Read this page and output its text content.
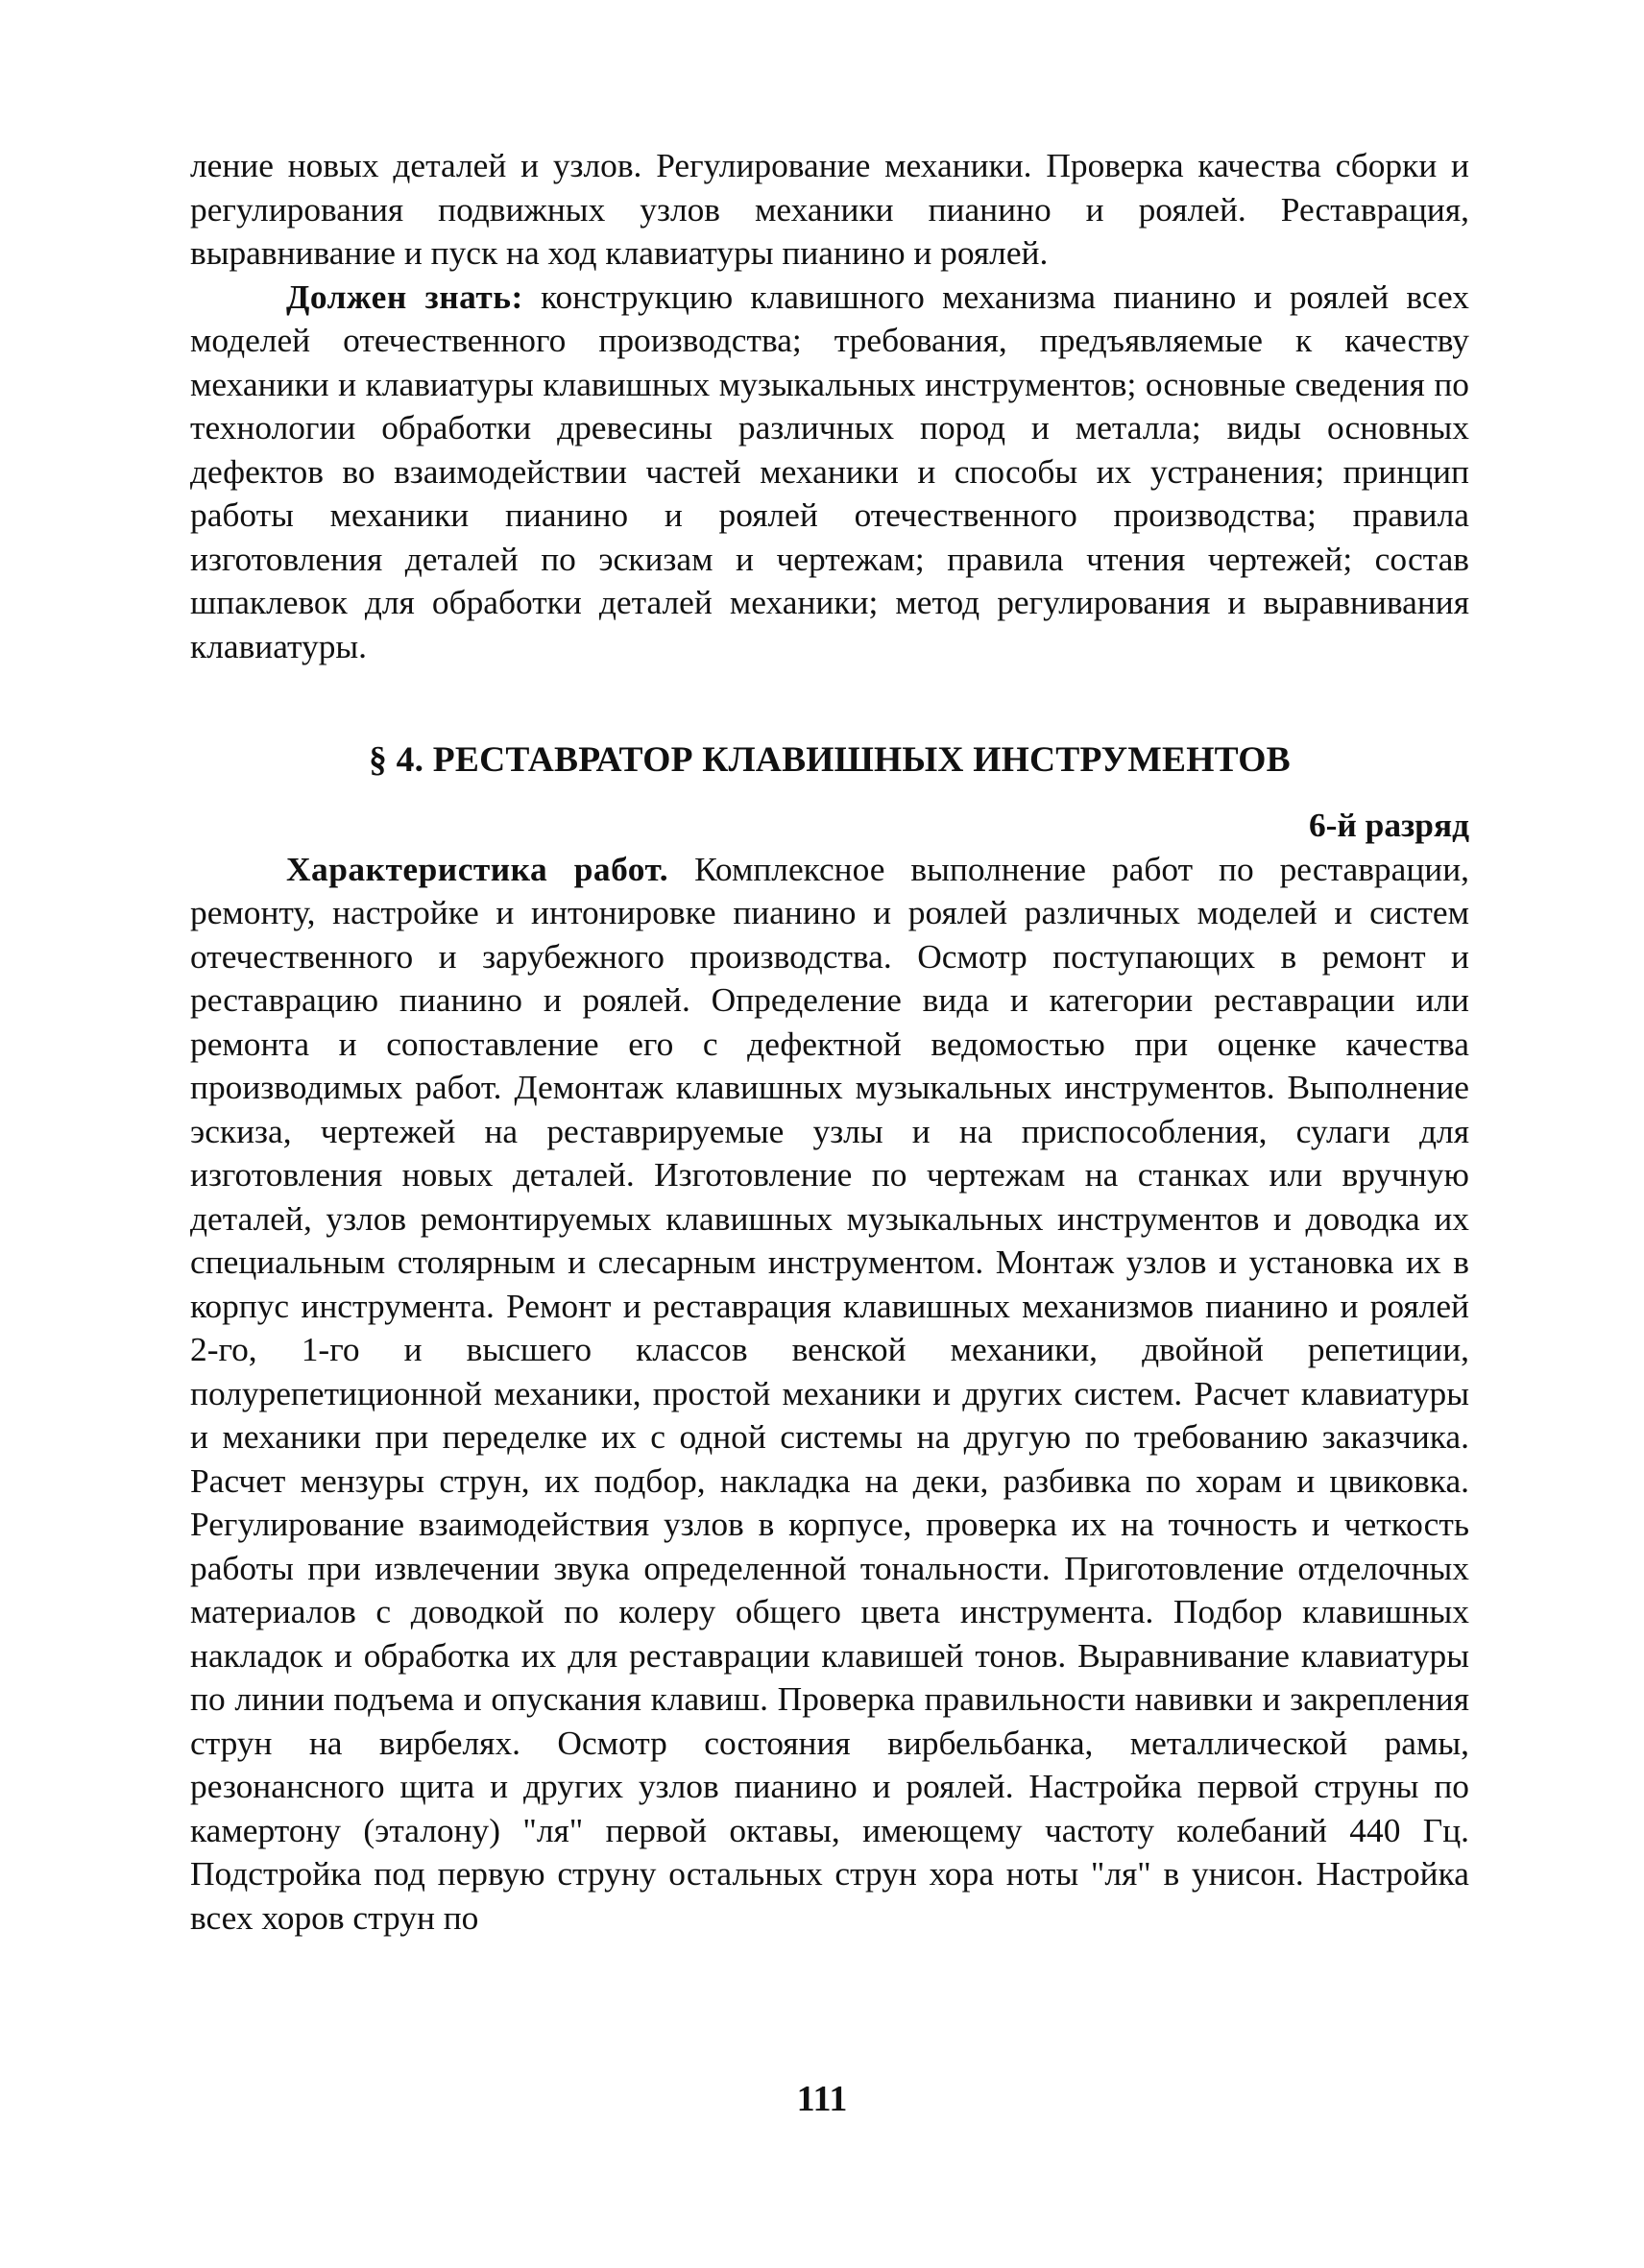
ление новых деталей и узлов. Регулирование механики. Проверка качества сборки и регулирования подвижных узлов механики пианино и роялей. Реставрация, выравнивание и пуск на ход клавиатуры пианино и роялей.

Должен знать: конструкцию клавишного механизма пианино и роялей всех моделей отечественного производства; требования, предъявляемые к качеству механики и клавиатуры клавишных музыкальных инструментов; основные сведения по технологии обработки древесины различных пород и металла; виды основных дефектов во взаимодействии частей механики и способы их устранения; принцип работы механики пианино и роялей отечественного производства; правила изготовления деталей по эскизам и чертежам; правила чтения чертежей; состав шпаклевок для обработки деталей механики; метод регулирования и выравнивания клавиатуры.

§ 4. РЕСТАВРАТОР КЛАВИШНЫХ ИНСТРУМЕНТОВ
6-й разряд

Характеристика работ. Комплексное выполнение работ по реставрации, ремонту, настройке и интонировке пианино и роялей различных моделей и систем отечественного и зарубежного производства. Осмотр поступающих в ремонт и реставрацию пианино и роялей. Определение вида и категории реставрации или ремонта и сопоставление его с дефектной ведомостью при оценке качества производимых работ. Демонтаж клавишных музыкальных инструментов. Выполнение эскиза, чертежей на реставрируемые узлы и на приспособления, сулаги для изготовления новых деталей. Изготовление по чертежам на станках или вручную деталей, узлов ремонтируемых клавишных музыкальных инструментов и доводка их специальным столярным и слесарным инструментом. Монтаж узлов и установка их в корпус инструмента. Ремонт и реставрация клавишных механизмов пианино и роялей 2-го, 1-го и высшего классов венской механики, двойной репетиции, полурепетиционной механики, простой механики и других систем. Расчет клавиатуры и механики при переделке их с одной системы на другую по требованию заказчика. Расчет мензуры струн, их подбор, накладка на деки, разбивка по хорам и цвиковка. Регулирование взаимодействия узлов в корпусе, проверка их на точность и четкость работы при извлечении звука определенной тональности. Приготовление отделочных материалов с доводкой по колеру общего цвета инструмента. Подбор клавишных накладок и обработка их для реставрации клавишей тонов. Выравнивание клавиатуры по линии подъема и опускания клавиш. Проверка правильности навивки и закрепления струн на вирбелях. Осмотр состояния вирбельбанка, металлической рамы, резонансного щита и других узлов пианино и роялей. Настройка первой струны по камертону (эталону) "ля" первой октавы, имеющему частоту колебаний 440 Гц. Подстройка под первую струну остальных струн хора ноты "ля" в унисон. Настройка всех хоров струн по

111
